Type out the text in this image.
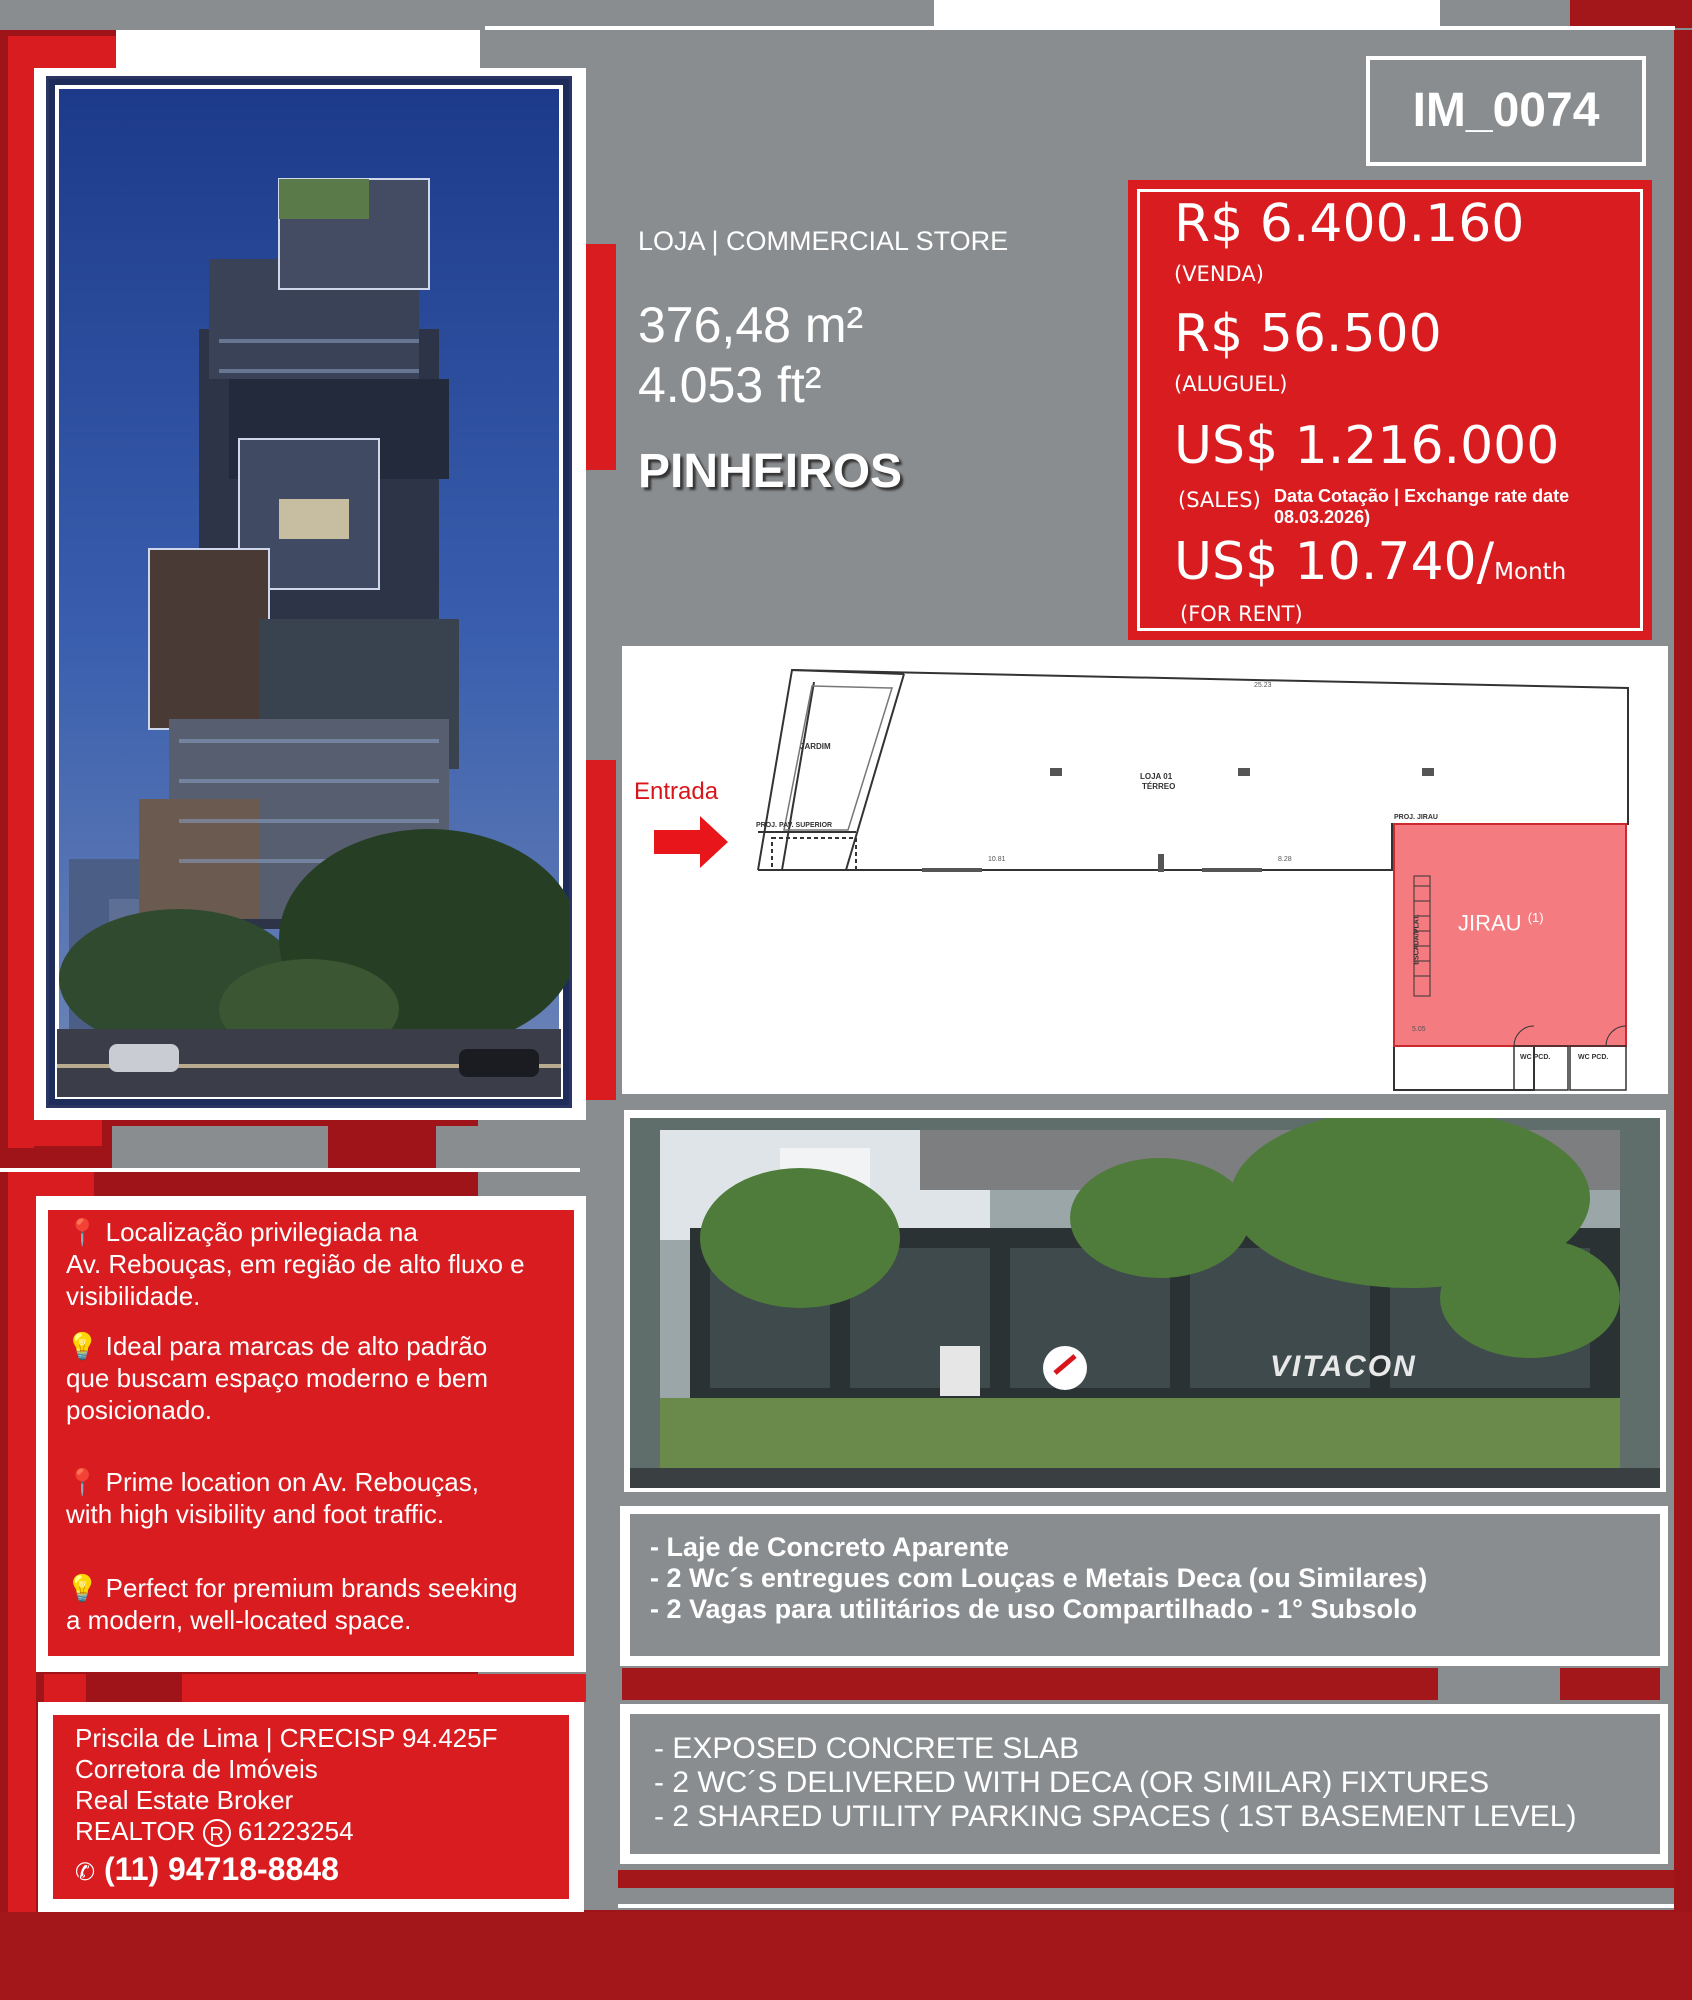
📍 Localização privilegiada na
Av. Rebouças, em região de alto fluxo e
visibilidade.
💡 Ideal para marcas de alto padrão
que buscam espaço moderno e bem
posicionado.
📍 Prime location on Av. Rebouças,
with high visibility and foot traffic.
💡 Perfect for premium brands seeking
a modern, well-located space.
Priscila de Lima | CRECISP 94.425F
Corretora de Imóveis
Real Estate Broker
REALTOR R 61223254
✆ (11) 94718-8848
LOJA | COMMERCIAL STORE
376,48 m²
4.053 ft²
PINHEIROS
IM_0074
R$ 6.400.160
(VENDA)
R$ 56.500
(ALUGUEL)
US$ 1.216.000
(SALES) Data Cotação | Exchange rate date
08.03.2026)
US$ 10.740/Month
(FOR RENT)
Entrada
JARDIM
PROJ. PAV. SUPERIOR
LOJA 01
TÉRREO
PROJ. JIRAU
25.23
10.81	8.28
5.05
ESCADA/PLAT. JIRAU $^{(1)}$
WC PCD.	WC PCD.
VITACON
- Laje de Concreto Aparente
- 2 Wc´s entregues com Louças e Metais Deca (ou Similares)
- 2 Vagas para utilitários de uso Compartilhado - 1° Subsolo
- EXPOSED CONCRETE SLAB
- 2 WC´S DELIVERED WITH DECA (OR SIMILAR) FIXTURES
- 2 SHARED UTILITY PARKING SPACES ( 1ST BASEMENT LEVEL)
